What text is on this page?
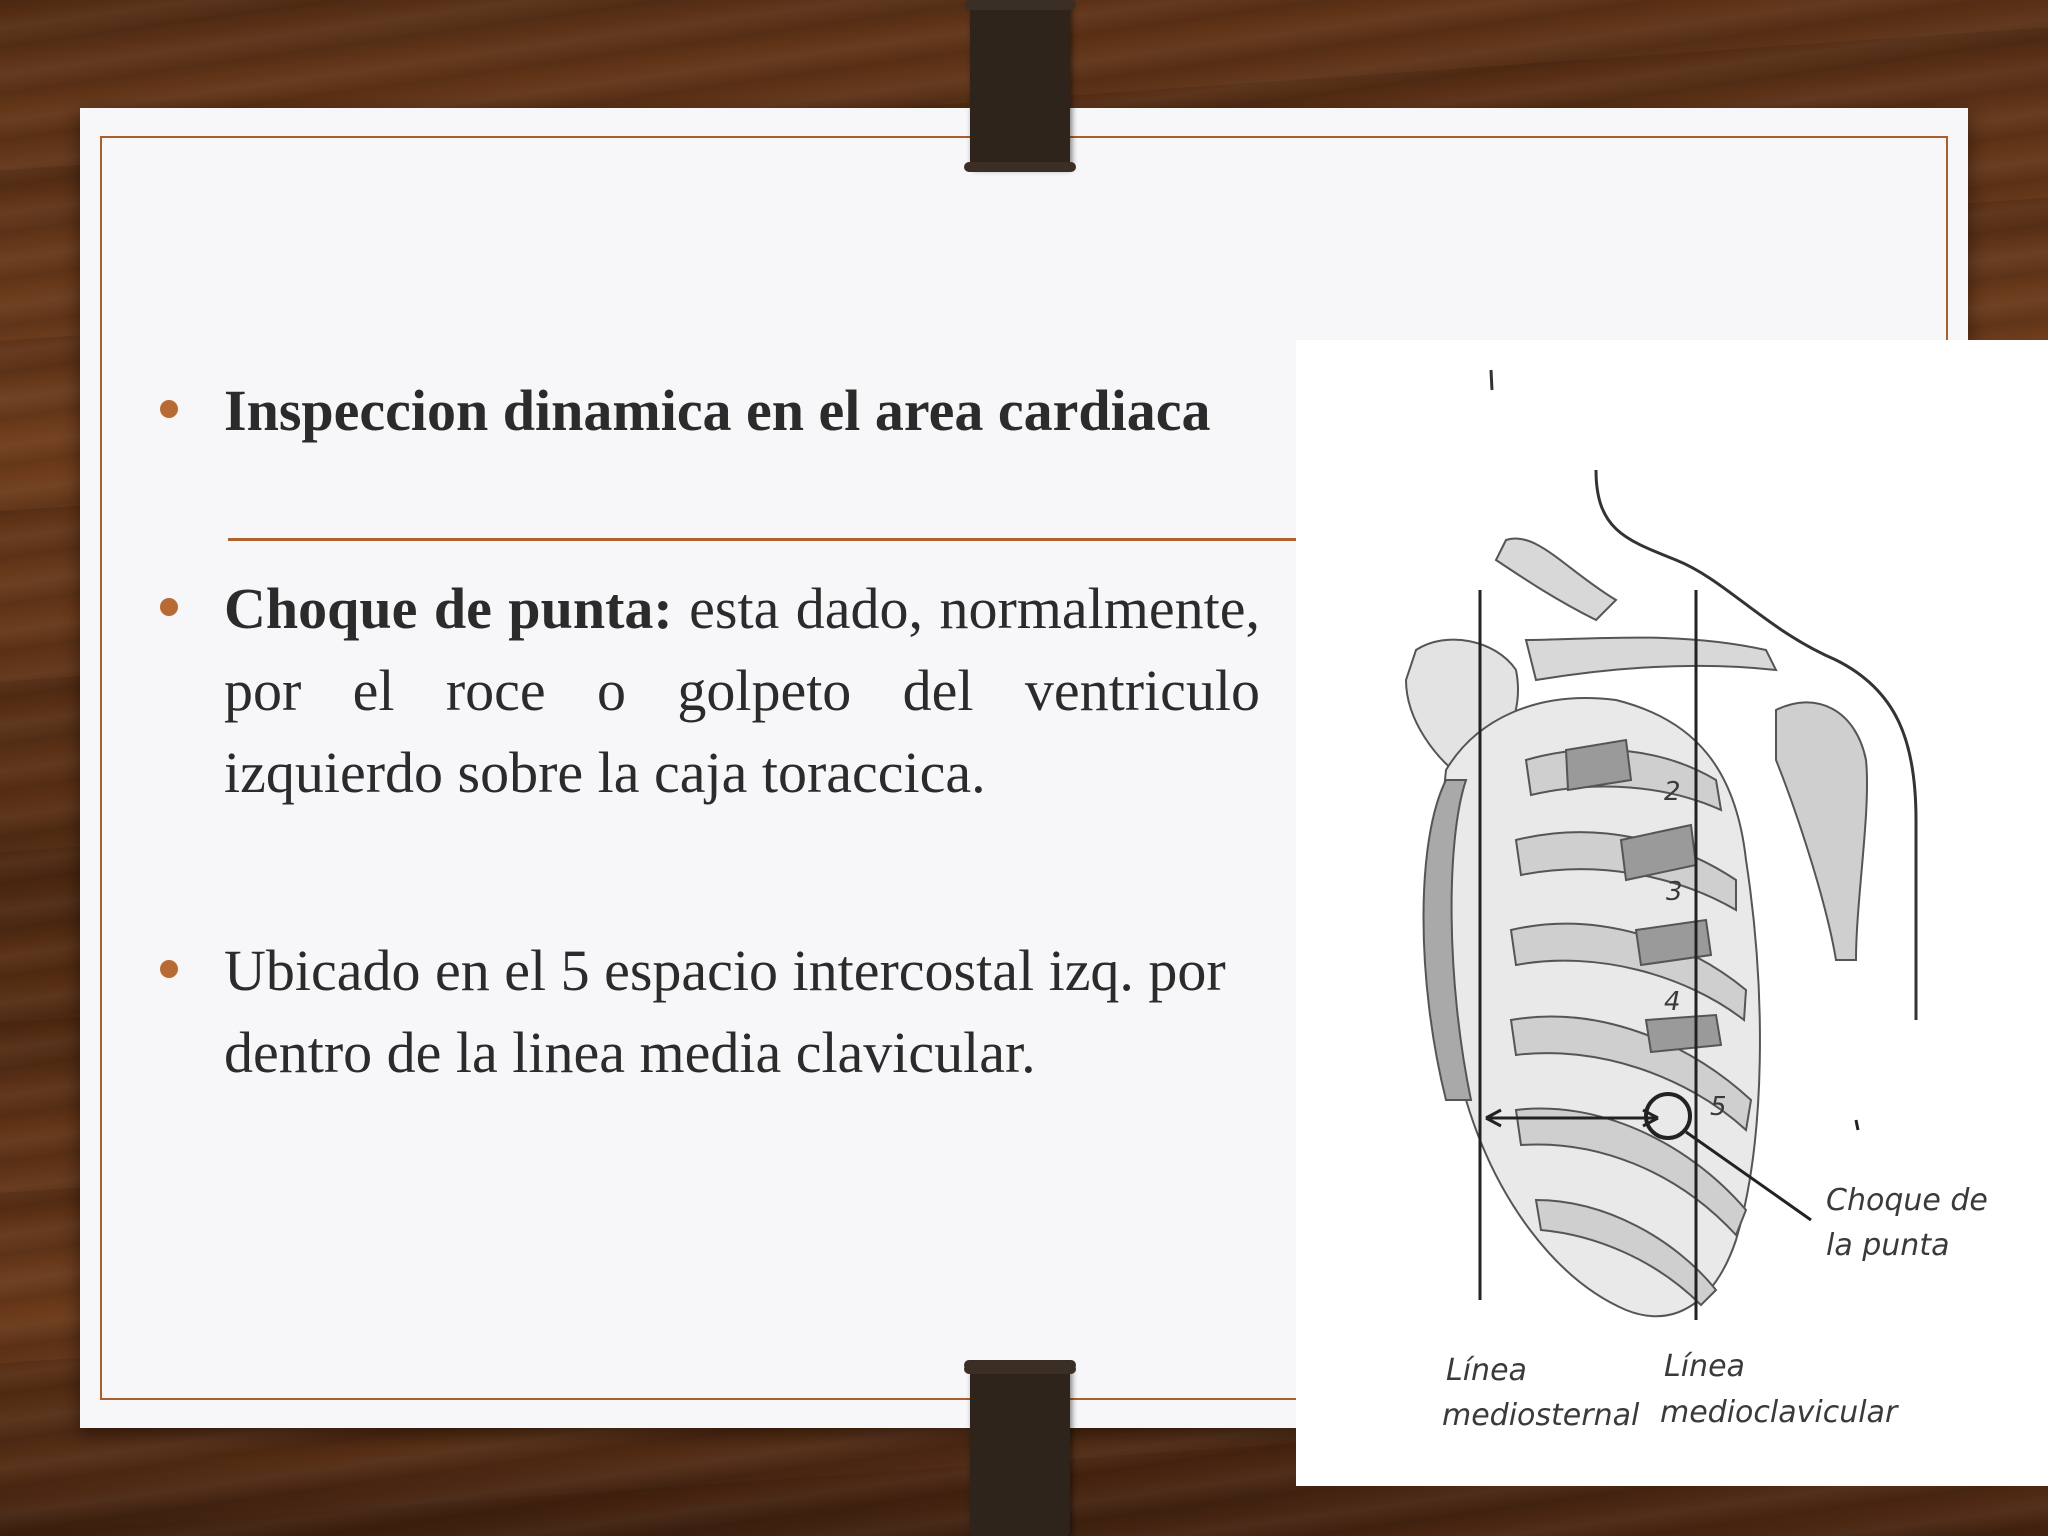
Inspeccion dinamica en el area cardiaca
Choque de punta: esta dado, normalmente, por el roce o golpeto del ventriculo izquierdo sobre la caja toraccica.
Ubicado en el 5 espacio intercostal izq. por dentro de la linea media clavicular.
2
3
4
5
Choque de
la punta
Línea
mediosternal
Línea
medioclavicular
